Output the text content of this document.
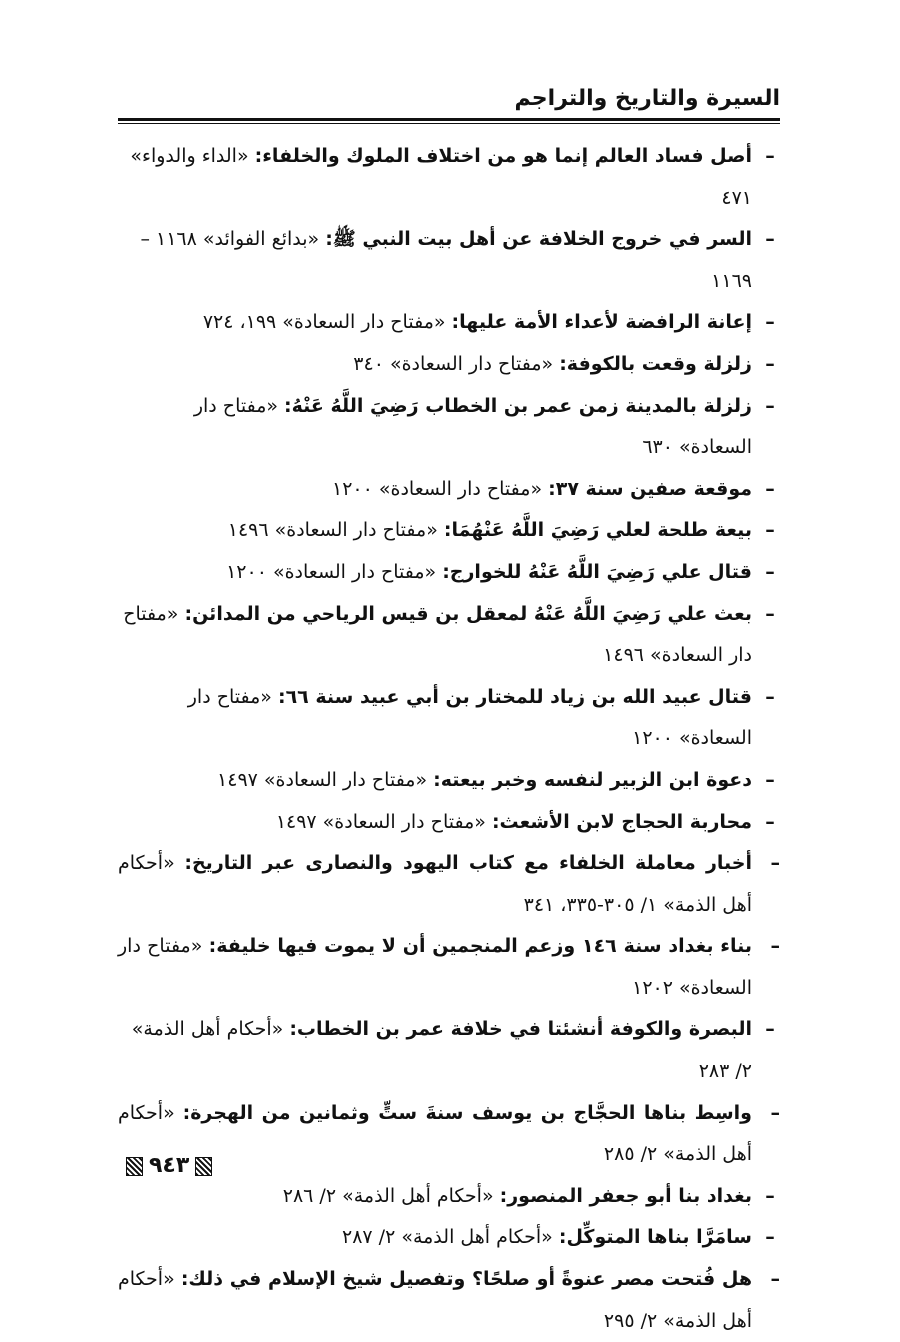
السيرة والتاريخ والتراجم
–
أصل فساد العالم إنما هو من اختلاف الملوك والخلفاء: «الداء والدواء» ٤٧١
–
السر في خروج الخلافة عن أهل بيت النبي ﷺ: «بدائع الفوائد» ١١٦٨ – ١١٦٩
–
إعانة الرافضة لأعداء الأمة عليها: «مفتاح دار السعادة» ١٩٩، ٧٢٤
–
زلزلة وقعت بالكوفة: «مفتاح دار السعادة» ٣٤٠
–
زلزلة بالمدينة زمن عمر بن الخطاب رَضِيَ اللَّهُ عَنْهُ: «مفتاح دار السعادة» ٦٣٠
–
موقعة صفين سنة ٣٧: «مفتاح دار السعادة» ١٢٠٠
–
بيعة طلحة لعلي رَضِيَ اللَّهُ عَنْهُمَا: «مفتاح دار السعادة» ١٤٩٦
–
قتال علي رَضِيَ اللَّهُ عَنْهُ للخوارج: «مفتاح دار السعادة» ١٢٠٠
–
بعث علي رَضِيَ اللَّهُ عَنْهُ لمعقل بن قيس الرياحي من المدائن: «مفتاح دار السعادة» ١٤٩٦
–
قتال عبيد الله بن زياد للمختار بن أبي عبيد سنة ٦٦: «مفتاح دار السعادة» ١٢٠٠
–
دعوة ابن الزبير لنفسه وخبر بيعته: «مفتاح دار السعادة» ١٤٩٧
–
محاربة الحجاج لابن الأشعث: «مفتاح دار السعادة» ١٤٩٧
–
أخبار معاملة الخلفاء مع كتاب اليهود والنصارى عبر التاريخ: «أحكام أهل الذمة» ١/ ٣٠٥-٣٣٥، ٣٤١
–
بناء بغداد سنة ١٤٦ وزعم المنجمين أن لا يموت فيها خليفة: «مفتاح دار السعادة» ١٢٠٢
–
البصرة والكوفة أنشئتا في خلافة عمر بن الخطاب: «أحكام أهل الذمة» ٢/ ٢٨٣
–
واسِط بناها الحجَّاج بن يوسف سنةَ ستٍّ وثمانين من الهجرة: «أحكام أهل الذمة» ٢/ ٢٨٥
–
بغداد بنا أبو جعفر المنصور: «أحكام أهل الذمة» ٢/ ٢٨٦
–
سامَرَّا بناها المتوكِّل: «أحكام أهل الذمة» ٢/ ٢٨٧
–
هل فُتحت مصر عنوةً أو صلحًا؟ وتفصيل شيخ الإسلام في ذلك: «أحكام أهل الذمة» ٢/ ٢٩٥
٩٤٣
